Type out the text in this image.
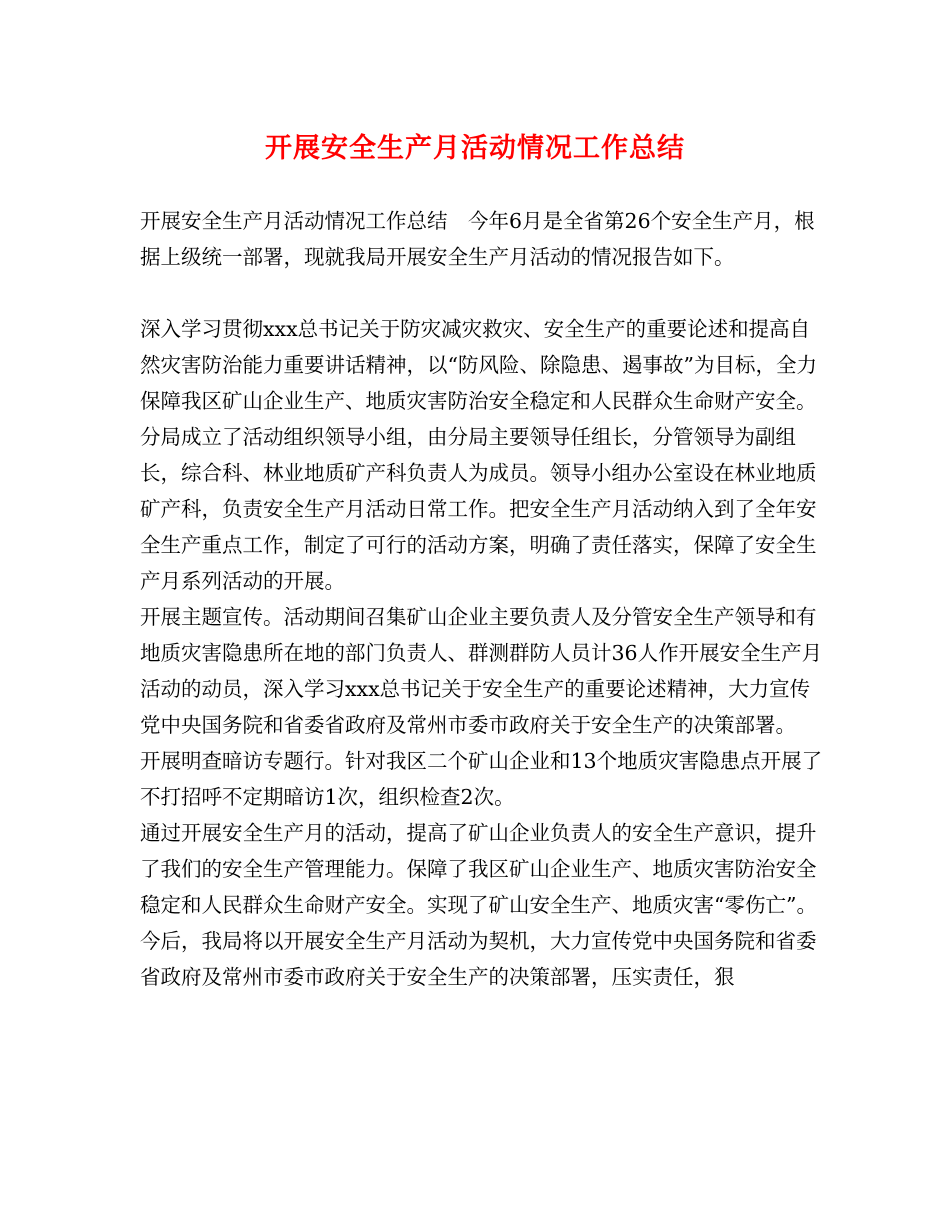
开展安全生产月活动情况工作总结

开展安全生产月活动情况工作总结　今年6月是全省第26个安全生产月，根据上级统一部署，现就我局开展安全生产月活动的情况报告如下。

深入学习贯彻xxx总书记关于防灾减灾救灾、安全生产的重要论述和提高自然灾害防治能力重要讲话精神，以“防风险、除隐患、遏事故”为目标，全力保障我区矿山企业生产、地质灾害防治安全稳定和人民群众生命财产安全。

分局成立了活动组织领导小组，由分局主要领导任组长，分管领导为副组长，综合科、林业地质矿产科负责人为成员。领导小组办公室设在林业地质矿产科，负责安全生产月活动日常工作。把安全生产月活动纳入到了全年安全生产重点工作，制定了可行的活动方案，明确了责任落实，保障了安全生产月系列活动的开展。

开展主题宣传。活动期间召集矿山企业主要负责人及分管安全生产领导和有地质灾害隐患所在地的部门负责人、群测群防人员计36人作开展安全生产月活动的动员，深入学习xxx总书记关于安全生产的重要论述精神，大力宣传党中央国务院和省委省政府及常州市委市政府关于安全生产的决策部署。

开展明查暗访专题行。针对我区二个矿山企业和13个地质灾害隐患点开展了不打招呼不定期暗访1次，组织检查2次。

通过开展安全生产月的活动，提高了矿山企业负责人的安全生产意识，提升了我们的安全生产管理能力。保障了我区矿山企业生产、地质灾害防治安全稳定和人民群众生命财产安全。实现了矿山安全生产、地质灾害“零伤亡”。

今后，我局将以开展安全生产月活动为契机，大力宣传党中央国务院和省委省政府及常州市委市政府关于安全生产的决策部署，压实责任，狠
